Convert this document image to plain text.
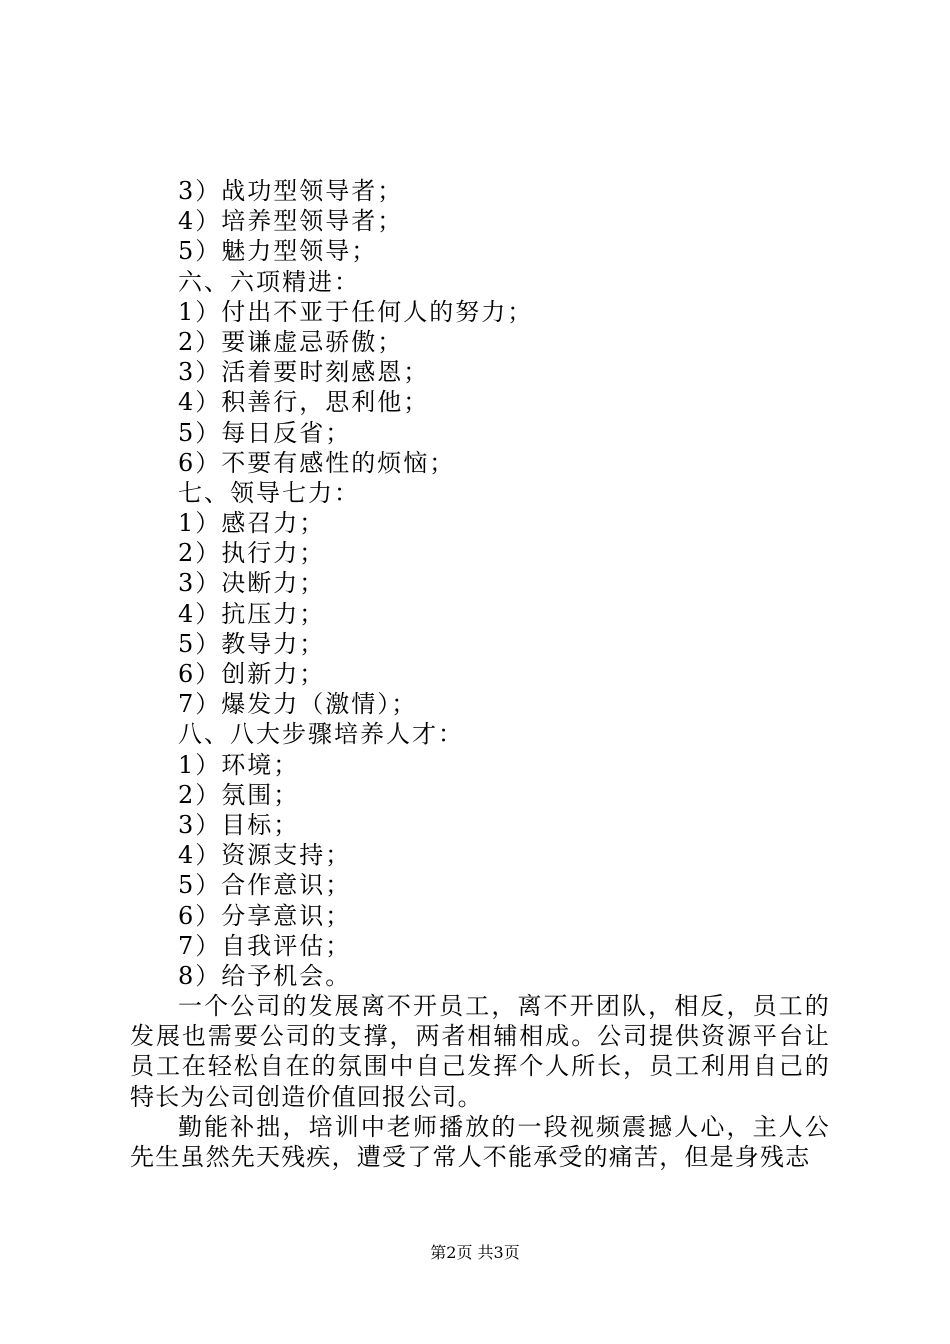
3）战功型领导者；
4）培养型领导者；
5）魅力型领导；
六、六项精进：
1）付出不亚于任何人的努力；
2）要谦虚忌骄傲；
3）活着要时刻感恩；
4）积善行，思利他；
5）每日反省；
6）不要有感性的烦恼；
七、领导七力：
1）感召力；
2）执行力；
3）决断力；
4）抗压力；
5）教导力；
6）创新力；
7）爆发力（激情）；
八、八大步骤培养人才：
1）环境；
2）氛围；
3）目标；
4）资源支持；
5）合作意识；
6）分享意识；
7）自我评估；
8）给予机会。

一个公司的发展离不开员工，离不开团队，相反，员工的发展也需要公司的支撑，两者相辅相成。公司提供资源平台让员工在轻松自在的氛围中自己发挥个人所长，员工利用自己的特长为公司创造价值回报公司。

勤能补拙，培训中老师播放的一段视频震撼人心，主人公先生虽然先天残疾，遭受了常人不能承受的痛苦，但是身残志

第2页 共3页
